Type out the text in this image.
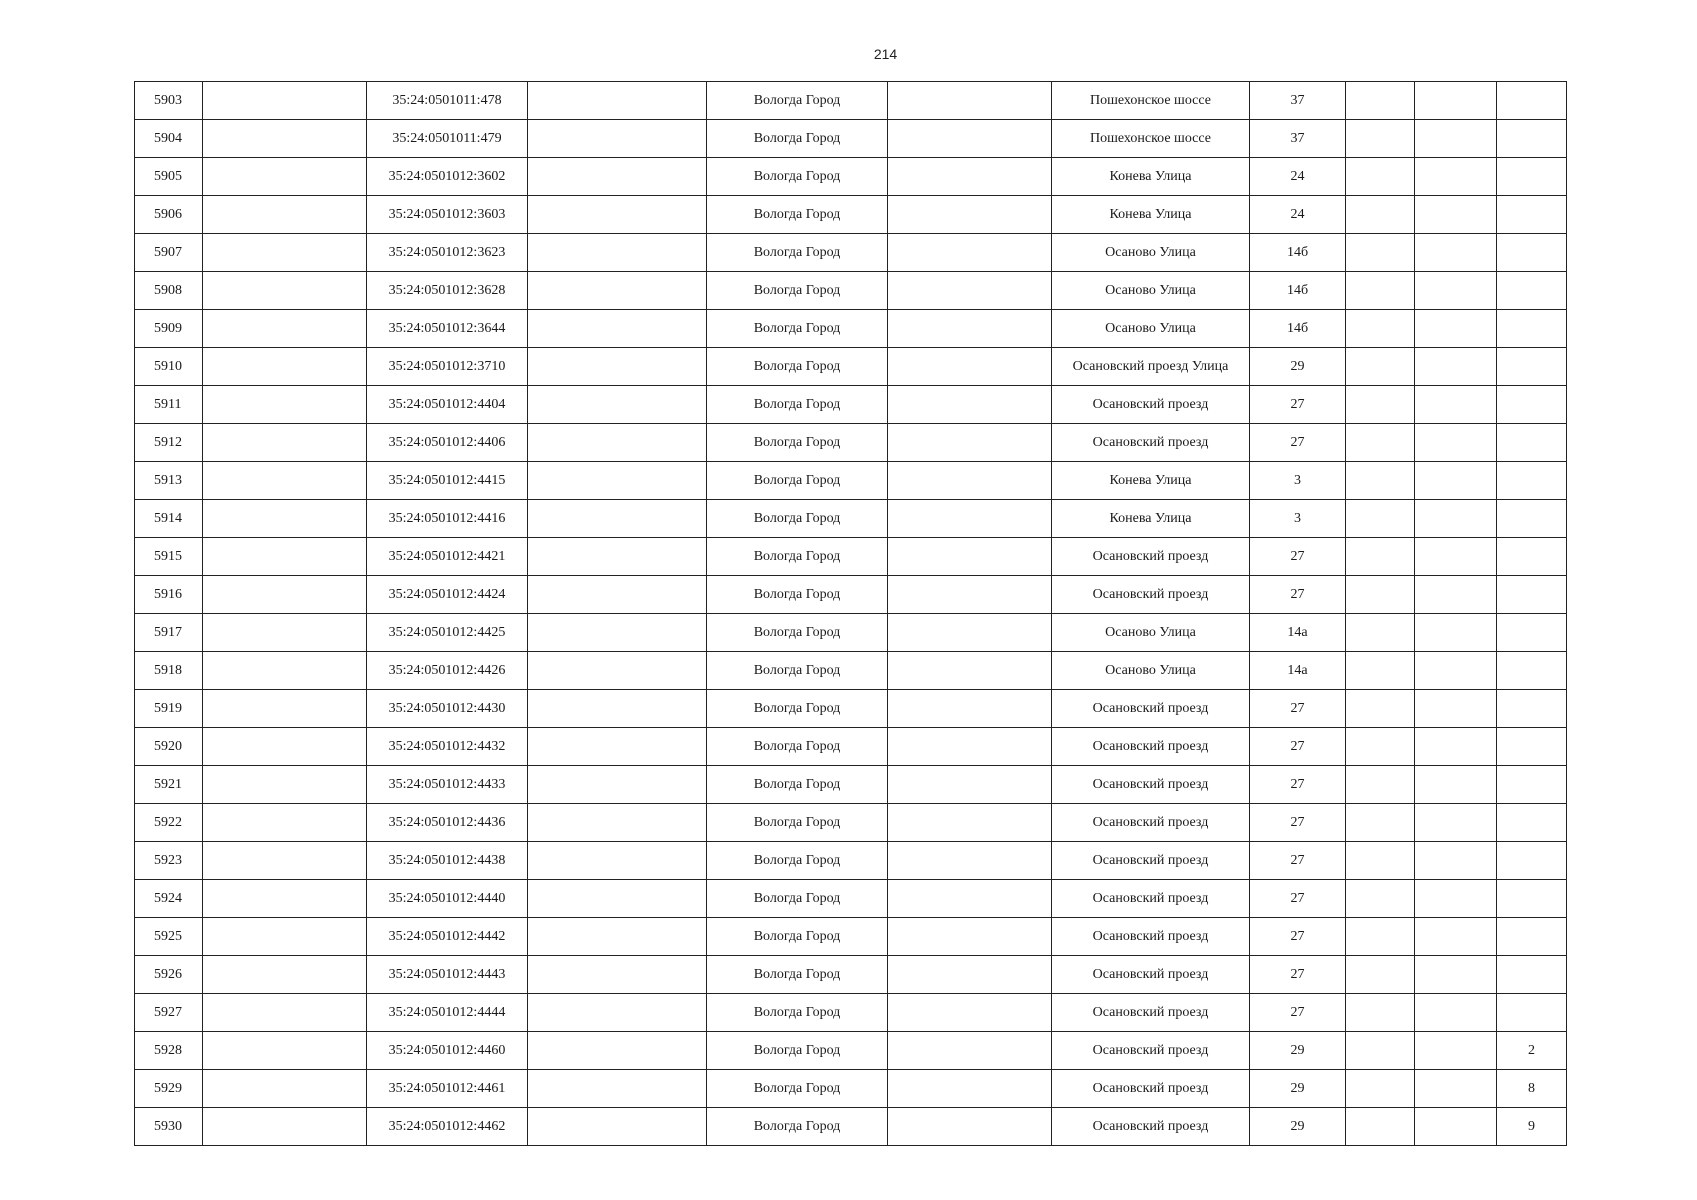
214
5903		35:24:0501011:478		Вологда Город		Пошехонское шоссе	37			
5904		35:24:0501011:479		Вологда Город		Пошехонское шоссе	37			
5905		35:24:0501012:3602		Вологда Город		Конева Улица	24			
5906		35:24:0501012:3603		Вологда Город		Конева Улица	24			
5907		35:24:0501012:3623		Вологда Город		Осаново Улица	14б			
5908		35:24:0501012:3628		Вологда Город		Осаново Улица	14б			
5909		35:24:0501012:3644		Вологда Город		Осаново Улица	14б			
5910		35:24:0501012:3710		Вологда Город		Осановский проезд Улица	29			
5911		35:24:0501012:4404		Вологда Город		Осановский проезд	27			
5912		35:24:0501012:4406		Вологда Город		Осановский проезд	27			
5913		35:24:0501012:4415		Вологда Город		Конева Улица	3			
5914		35:24:0501012:4416		Вологда Город		Конева Улица	3			
5915		35:24:0501012:4421		Вологда Город		Осановский проезд	27			
5916		35:24:0501012:4424		Вологда Город		Осановский проезд	27			
5917		35:24:0501012:4425		Вологда Город		Осаново Улица	14а			
5918		35:24:0501012:4426		Вологда Город		Осаново Улица	14а			
5919		35:24:0501012:4430		Вологда Город		Осановский проезд	27			
5920		35:24:0501012:4432		Вологда Город		Осановский проезд	27			
5921		35:24:0501012:4433		Вологда Город		Осановский проезд	27			
5922		35:24:0501012:4436		Вологда Город		Осановский проезд	27			
5923		35:24:0501012:4438		Вологда Город		Осановский проезд	27			
5924		35:24:0501012:4440		Вологда Город		Осановский проезд	27			
5925		35:24:0501012:4442		Вологда Город		Осановский проезд	27			
5926		35:24:0501012:4443		Вологда Город		Осановский проезд	27			
5927		35:24:0501012:4444		Вологда Город		Осановский проезд	27			
5928		35:24:0501012:4460		Вологда Город		Осановский проезд	29			2
5929		35:24:0501012:4461		Вологда Город		Осановский проезд	29			8
5930		35:24:0501012:4462		Вологда Город		Осановский проезд	29			9
